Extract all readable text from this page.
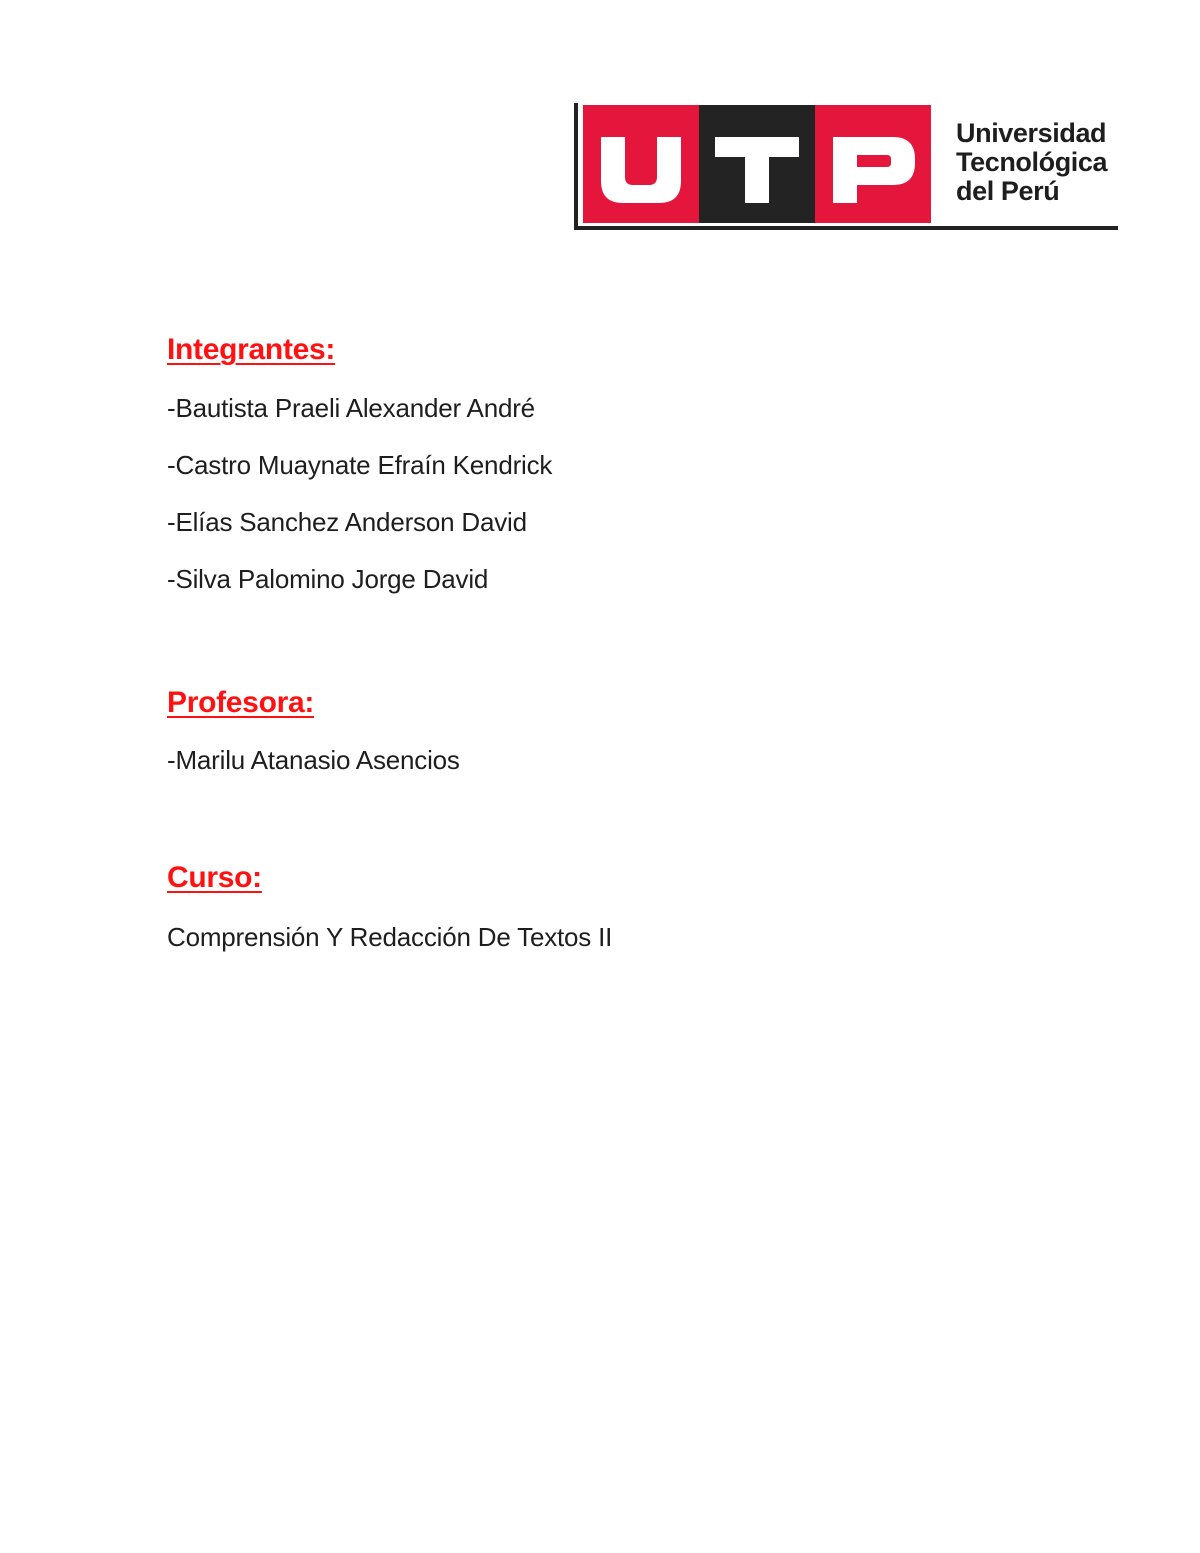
Universidad
Tecnológica
del Perú
Integrantes:
-Bautista Praeli Alexander André
-Castro Muaynate Efraín Kendrick
-Elías Sanchez Anderson David
-Silva Palomino Jorge David
Profesora:
-Marilu Atanasio Asencios
Curso:
Comprensión Y Redacción De Textos II
